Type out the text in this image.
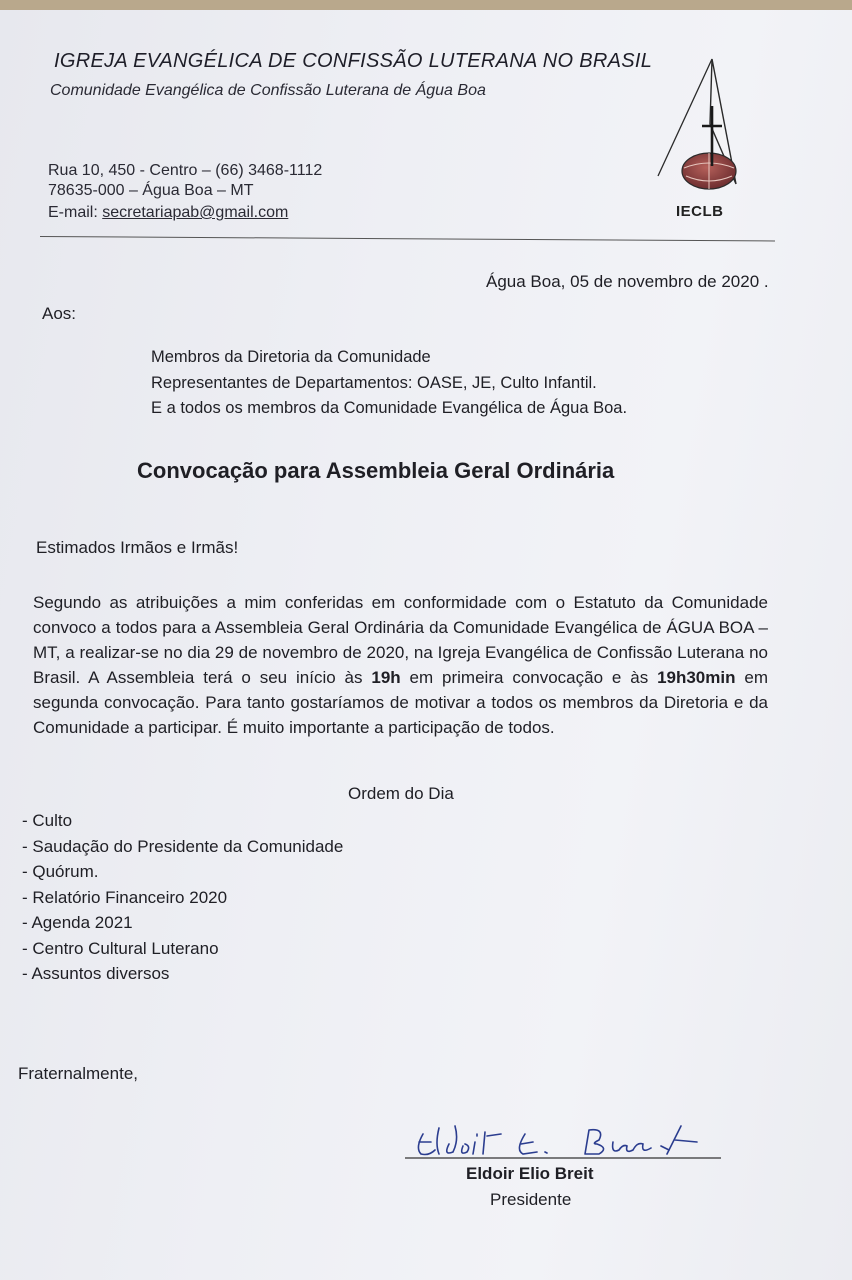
IGREJA EVANGÉLICA DE CONFISSÃO LUTERANA NO BRASIL
Comunidade Evangélica de Confissão Luterana de Água Boa
Rua 10, 450 - Centro – (66) 3468-1112
78635-000 – Água Boa – MT
E-mail: secretariapab@gmail.com	IECLB
Água Boa, 05 de novembro de 2020 .
Aos:
Membros da Diretoria da Comunidade
Representantes de Departamentos: OASE, JE, Culto Infantil.
E a todos os membros da Comunidade Evangélica de Água Boa.
Convocação para Assembleia Geral Ordinária
Estimados Irmãos e Irmãs!

Segundo as atribuições a mim conferidas em conformidade com o Estatuto da Comunidade convoco a todos para a Assembleia Geral Ordinária da Comunidade Evangélica de ÁGUA BOA – MT, a realizar-se no dia 29 de novembro de 2020, na Igreja Evangélica de Confissão Luterana no Brasil. A Assembleia terá o seu início às 19h em primeira convocação e às 19h30min em segunda convocação. Para tanto gostaríamos de motivar a todos os membros da Diretoria e da Comunidade a participar. É muito importante a participação de todos.

Ordem do Dia
- Culto
- Saudação do Presidente da Comunidade
- Quórum.
- Relatório Financeiro 2020
- Agenda 2021
- Centro Cultural Luterano
- Assuntos diversos
Fraternalmente,
Eldoir Elio Breit
Presidente
